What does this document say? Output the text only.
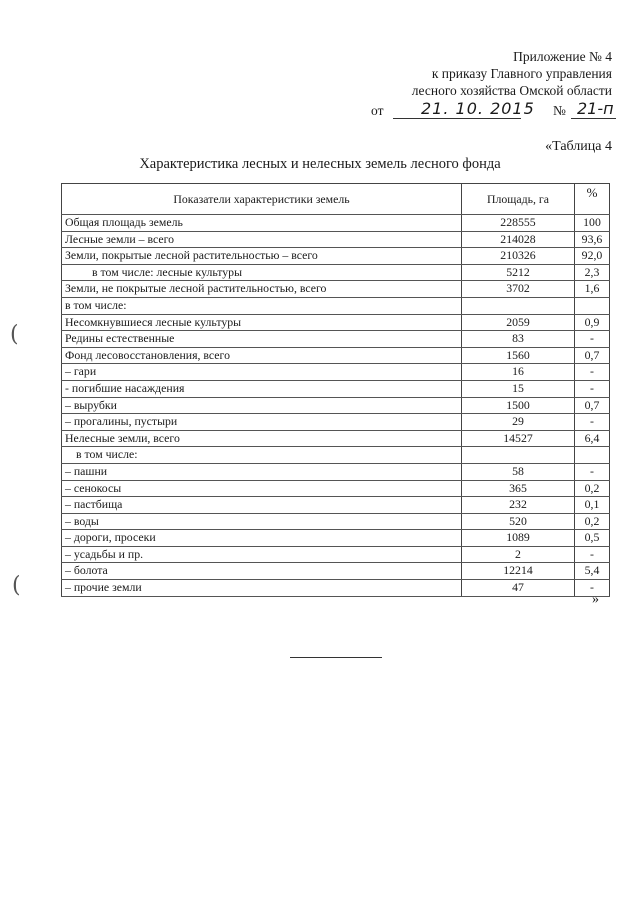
Приложение № 4
к приказу Главного управления
лесного хозяйства Омской области
от 21. 10. 2015 № 21-п
«Таблица 4
Характеристика лесных и нелесных земель лесного фонда
Показатели характеристики земель	Площадь, га	%
Общая площадь земель	228555	100
Лесные земли – всего	214028	93,6
Земли, покрытые лесной растительностью – всего	210326	92,0
в том числе: лесные культуры	5212	2,3
Земли, не покрытые лесной растительностью, всего	3702	1,6
в том числе:		
Несомкнувшиеся лесные культуры	2059	0,9
Редины естественные	83	-
Фонд лесовосстановления, всего	1560	0,7
– гари	16	-
- погибшие насаждения	15	-
– вырубки	1500	0,7
– прогалины, пустыри	29	-
Нелесные земли, всего	14527	6,4
в том числе:		
– пашни	58	-
– сенокосы	365	0,2
– пастбища	232	0,1
– воды	520	0,2
– дороги, просеки	1089	0,5
– усадьбы и пр.	2	-
– болота	12214	5,4
– прочие земли	47	-
(
(
»
